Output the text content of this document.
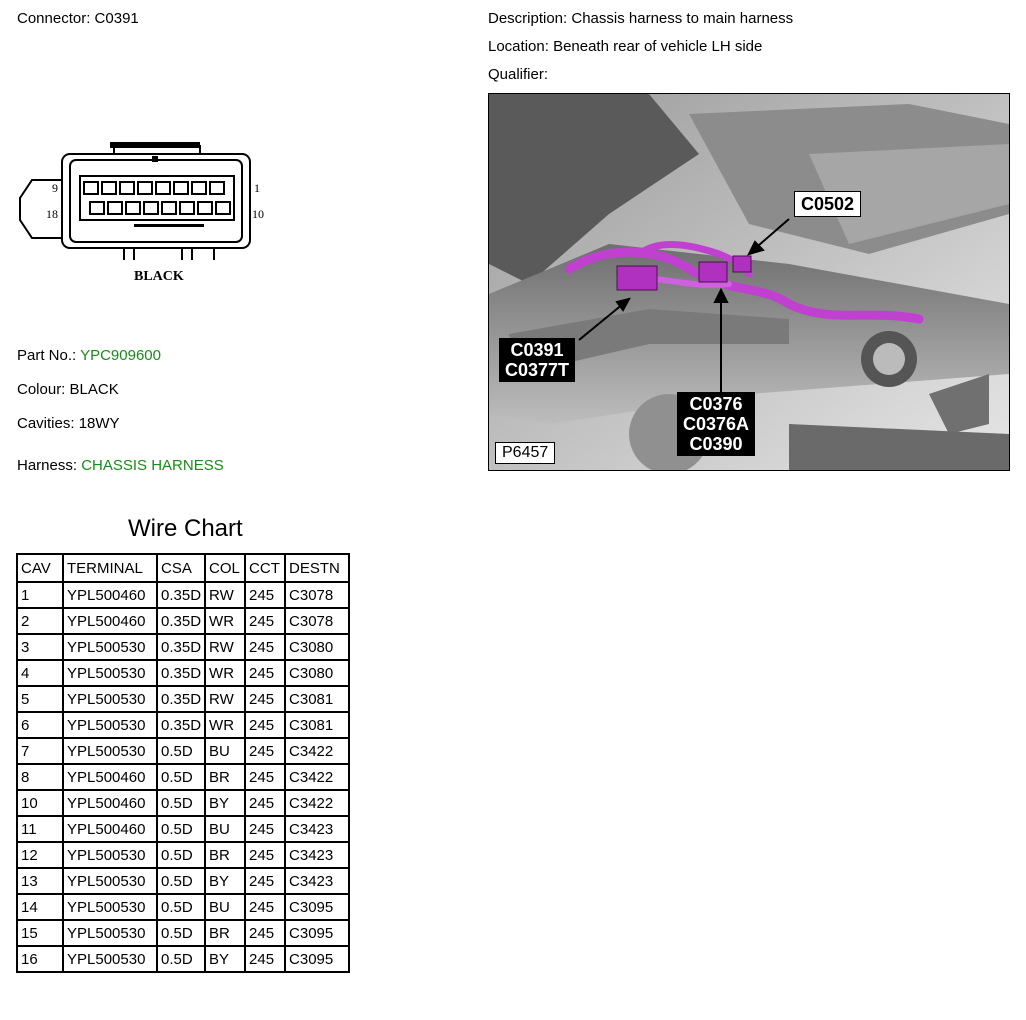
Connector: C0391	Description: Chassis harness to main harness
Location: Beneath rear of vehicle LH side
Qualifier:
9
18
1
10
BLACK
Part No.: YPC909600
Colour: BLACK
Cavities: 18WY
Harness: CHASSIS HARNESS
C0502
C0391
C0377T
C0376
C0376A
C0390
P6457
Wire Chart
CAV	TERMINAL	CSA	COL	CCT	DESTN
1	YPL500460	0.35D	RW	245	C3078
2	YPL500460	0.35D	WR	245	C3078
3	YPL500530	0.35D	RW	245	C3080
4	YPL500530	0.35D	WR	245	C3080
5	YPL500530	0.35D	RW	245	C3081
6	YPL500530	0.35D	WR	245	C3081
7	YPL500530	0.5D	BU	245	C3422
8	YPL500460	0.5D	BR	245	C3422
10	YPL500460	0.5D	BY	245	C3422
11	YPL500460	0.5D	BU	245	C3423
12	YPL500530	0.5D	BR	245	C3423
13	YPL500530	0.5D	BY	245	C3423
14	YPL500530	0.5D	BU	245	C3095
15	YPL500530	0.5D	BR	245	C3095
16	YPL500530	0.5D	BY	245	C3095
